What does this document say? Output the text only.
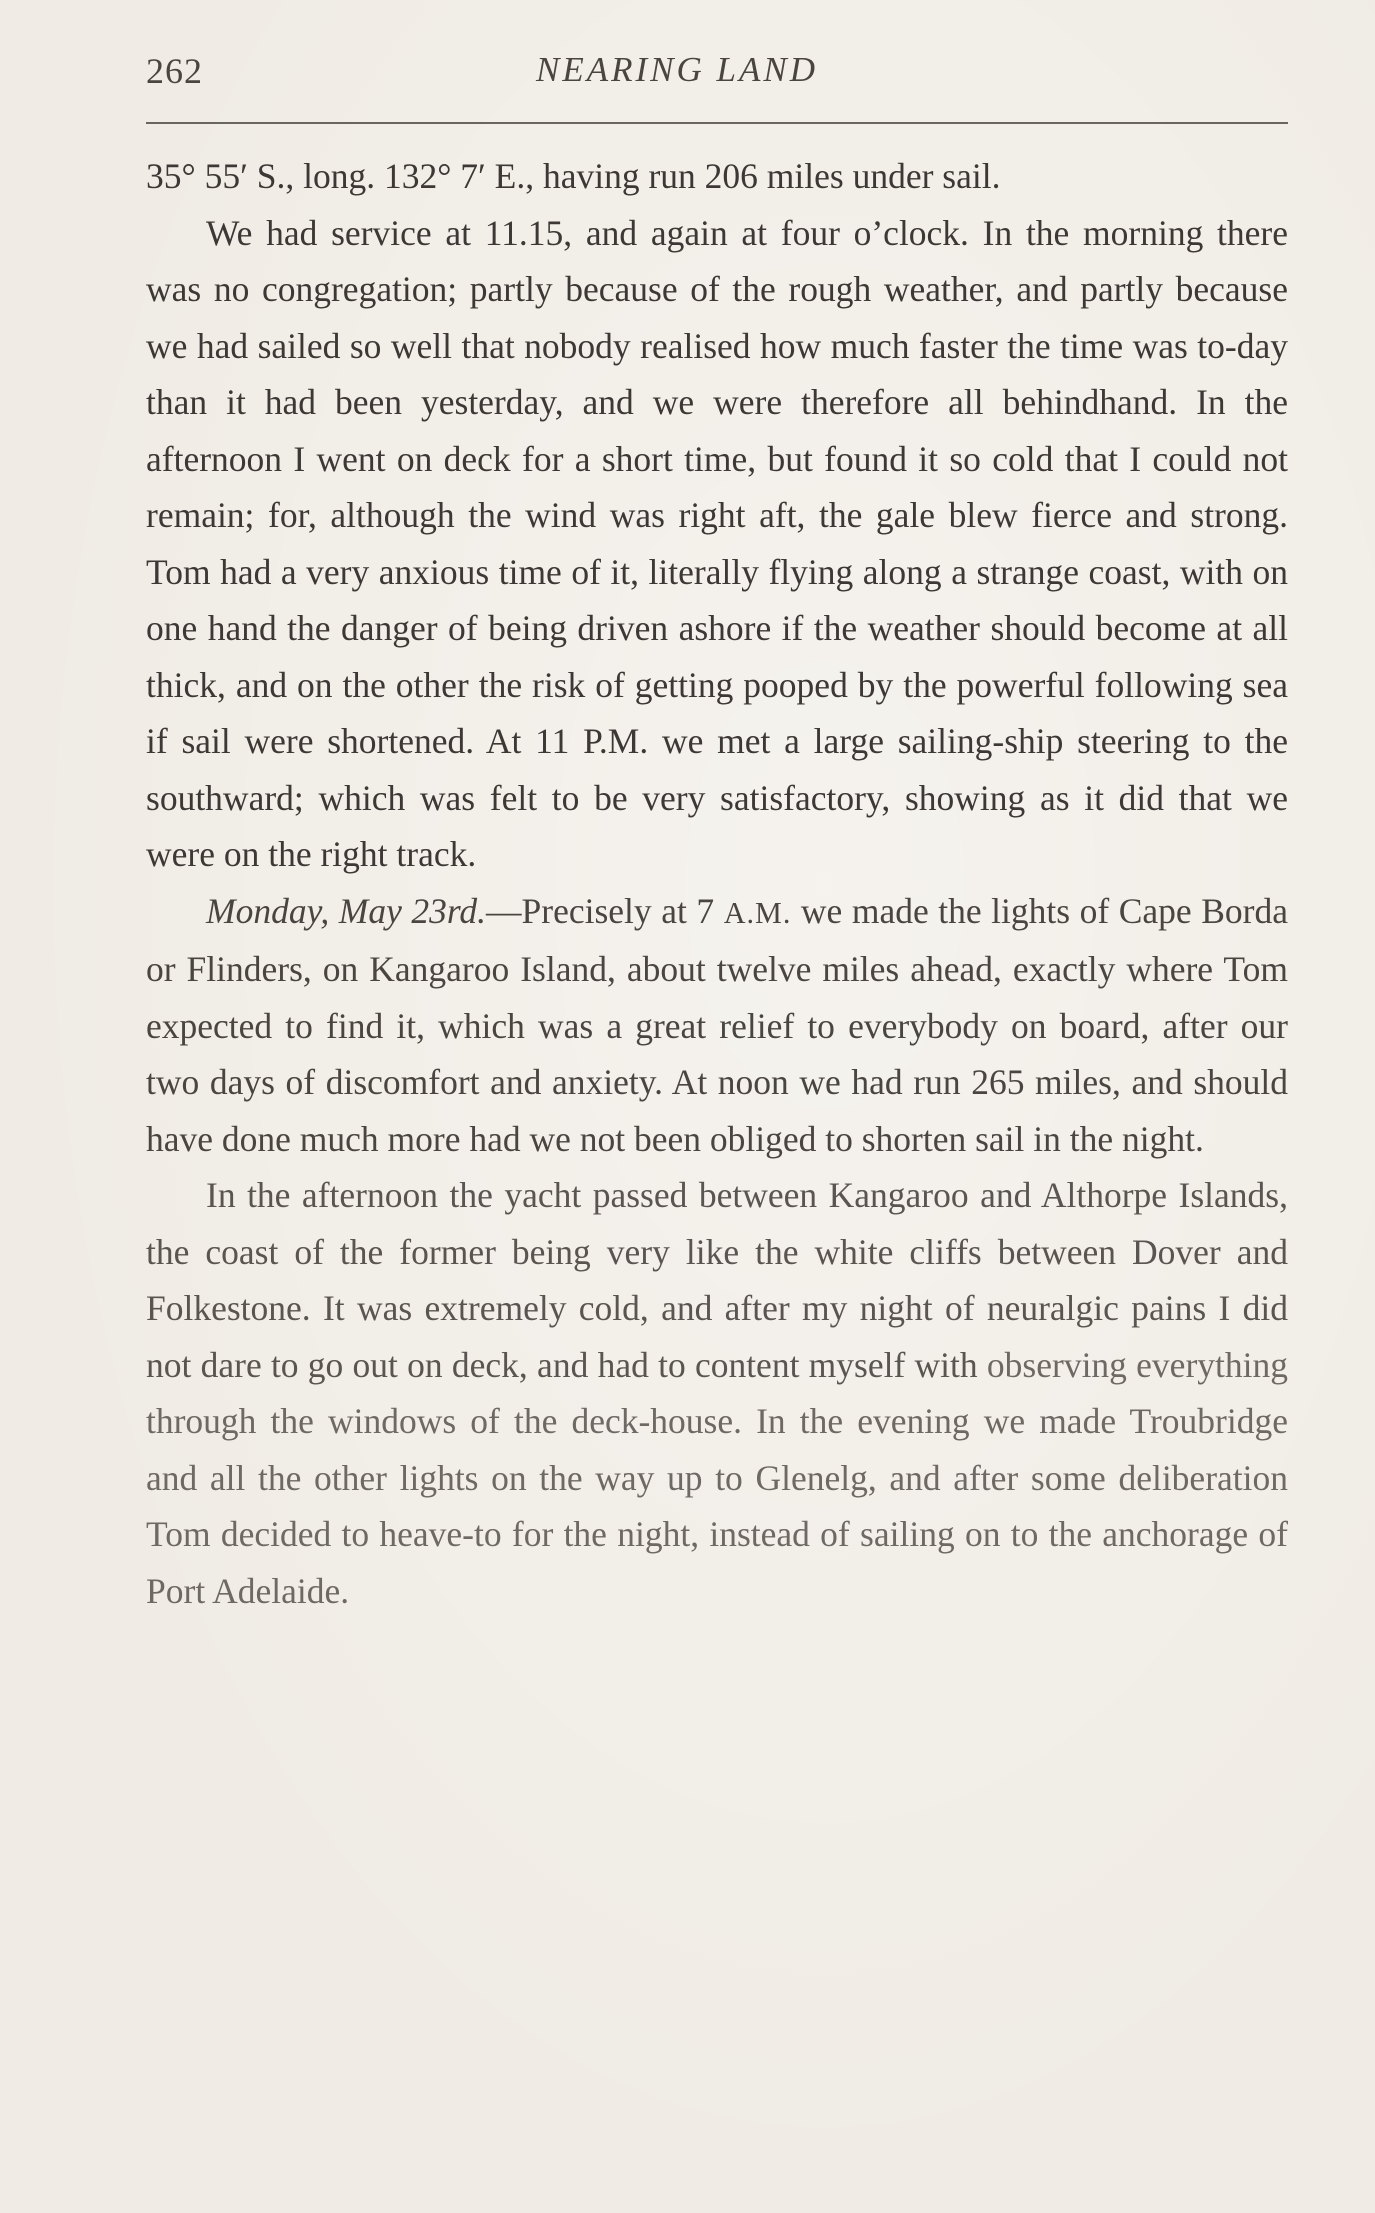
262	NEARING LAND

35° 55′ S., long. 132° 7′ E., having run 206 miles under sail.

We had service at 11.15, and again at four o’clock. In the morning there was no congregation; partly because of the rough weather, and partly because we had sailed so well that nobody realised how much faster the time was to-day than it had been yesterday, and we were therefore all behindhand. In the afternoon I went on deck for a short time, but found it so cold that I could not remain; for, although the wind was right aft, the gale blew fierce and strong. Tom had a very anxious time of it, literally flying along a strange coast, with on one hand the danger of being driven ashore if the weather should become at all thick, and on the other the risk of getting pooped by the powerful following sea if sail were shortened. At 11 P.M. we met a large sailing-ship steering to the southward; which was felt to be very satisfactory, showing as it did that we were on the right track.

Monday, May 23rd.—Precisely at 7 A.M. we made the lights of Cape Borda or Flinders, on Kangaroo Island, about twelve miles ahead, exactly where Tom expected to find it, which was a great relief to everybody on board, after our two days of discomfort and anxiety. At noon we had run 265 miles, and should have done much more had we not been obliged to shorten sail in the night.

In the afternoon the yacht passed between Kangaroo and Althorpe Islands, the coast of the former being very like the white cliffs between Dover and Folkestone. It was extremely cold, and after my night of neuralgic pains I did not dare to go out on deck, and had to content myself with observing everything through the windows of the deck-house. In the evening we made Troubridge and all the other lights on the way up to Glenelg, and after some deliberation Tom decided to heave-to for the night, instead of sailing on to the anchorage of Port Adelaide.
